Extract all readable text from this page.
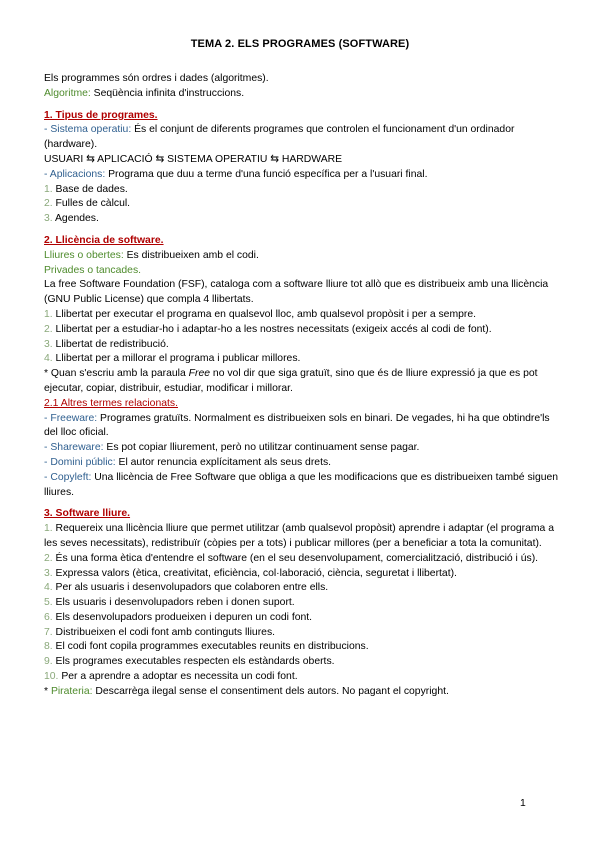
TEMA 2. ELS PROGRAMES (SOFTWARE)

Els programmes són ordres i dades (algoritmes).

Algoritme: Seqüència infinita d'instruccions.

1. Tipus de programes.

- Sistema operatiu: És el conjunt de diferents programes que controlen el funcionament d'un ordinador (hardware).

USUARI ⇆ APLICACIÓ ⇆ SISTEMA OPERATIU ⇆ HARDWARE

- Aplicacions: Programa que duu a terme d'una funció específica per a l'usuari final.

1. Base de dades.

2. Fulles de càlcul.

3. Agendes.

2. Llicència de software.

Lliures o obertes: Es distribueixen amb el codi.

Privades o tancades.

La free Software Foundation (FSF), cataloga com a software lliure tot allò que es distribueix amb una llicència (GNU Public License) que compla 4 llibertats.

1. Llibertat per executar el programa en qualsevol lloc, amb qualsevol propòsit i per a sempre.

2. Llibertat per a estudiar-ho i adaptar-ho a les nostres necessitats (exigeix accés al codi de font).

3. Llibertat de redistribució.

4. Llibertat per a millorar el programa i publicar millores.

* Quan s'escriu amb la paraula Free no vol dir que siga gratuït, sino que és de lliure expressió ja que es pot ejecutar, copiar, distribuir, estudiar, modificar i millorar.

2.1 Altres termes relacionats.

- Freeware: Programes gratuïts. Normalment es distribueixen sols en binari. De vegades, hi ha que obtindre'ls del lloc oficial.

- Shareware: Es pot copiar lliurement, però no utilitzar continuament sense pagar.

- Domini públic: El autor renuncia explícitament als seus drets.

- Copyleft: Una llicència de Free Software que obliga a que les modificacions que es distribueixen també siguen lliures.

3. Software lliure.

1. Requereix una llicència lliure que permet utilitzar (amb qualsevol propòsit) aprendre i adaptar (el programa a les seves necessitats), redistribuïr (còpies per a tots) i publicar millores (per a beneficiar a tota la comunitat).

2. És una forma ètica d'entendre el software (en el seu desenvolupament, comercialització, distribució i ús).

3. Expressa valors (ètica, creativitat, eficiència, col·laboració, ciència, seguretat i llibertat).

4. Per als usuaris i desenvolupadors que colaboren entre ells.

5. Els usuaris i desenvolupadors reben i donen suport.

6. Els desenvolupadors produeixen i depuren un codi font.

7. Distribueixen el codi font amb continguts lliures.

8. El codi font copila programmes executables reunits en distribucions.

9. Els programes executables respecten els estàndards oberts.

10. Per a aprendre a adoptar es necessita un codi font.

* Pirateria: Descarrèga ilegal sense el consentiment dels autors. No pagant el copyright.

1
